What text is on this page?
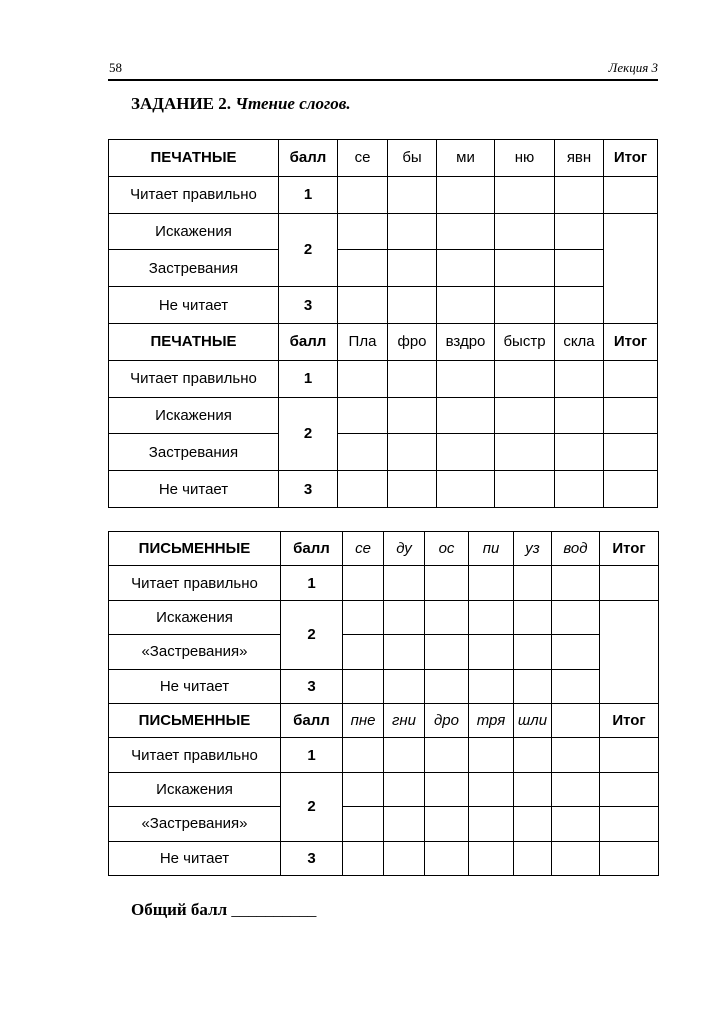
58	Лекция 3
ЗАДАНИЕ 2. Чтение слогов.
ПЕЧАТНЫЕ	балл	се	бы	ми	ню	явн	Итог
Читает правильно	1						
Искажения	2						
Застревания							
Не читает	3						
ПЕЧАТНЫЕ	балл	Пла	фро	вздро	быстр	скла	Итог
Читает правильно	1						
Искажения	2						
Застревания							
Не читает	3						
ПИСЬМЕННЫЕ	балл	се	ду	ос	пи	уз	вод	Итог
Читает правильно	1							
Искажения	2							
«Застревания»								
Не читает	3							
ПИСЬМЕННЫЕ	балл	пне	гни	дро	тря	шли		Итог
Читает правильно	1							
Искажения	2							
«Застревания»								
Не читает	3							
Общий балл __________
